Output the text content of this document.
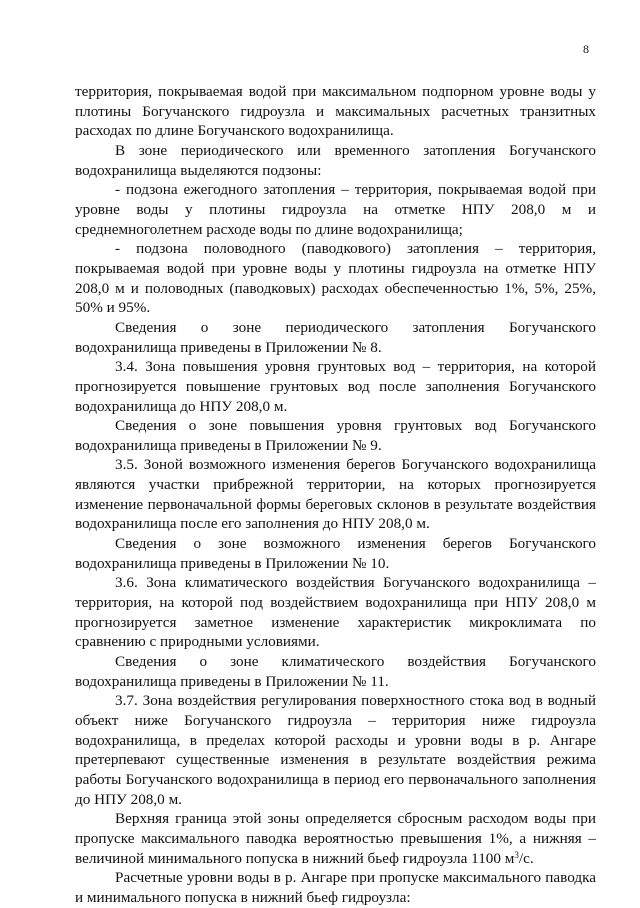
8

территория, покрываемая водой при максимальном подпорном уровне воды у плотины Богучанского гидроузла и максимальных расчетных транзитных расходах по длине Богучанского водохранилища.

В зоне периодического или временного затопления Богучанского водохранилища выделяются подзоны:

- подзона ежегодного затопления – территория, покрываемая водой при уровне воды у плотины гидроузла на отметке НПУ 208,0 м и среднемноголетнем расходе воды по длине водохранилища;

- подзона половодного (паводкового) затопления – территория, покрываемая водой при уровне воды у плотины гидроузла на отметке НПУ 208,0 м и половодных (паводковых) расходах обеспеченностью 1%, 5%, 25%, 50% и 95%.

Сведения о зоне периодического затопления Богучанского водохранилища приведены в Приложении № 8.

3.4. Зона повышения уровня грунтовых вод – территория, на которой прогнозируется повышение грунтовых вод после заполнения Богучанского водохранилища до НПУ 208,0 м.

Сведения о зоне повышения уровня грунтовых вод Богучанского водохранилища приведены в Приложении № 9.

3.5. Зоной возможного изменения берегов Богучанского водохранилища являются участки прибрежной территории, на которых прогнозируется изменение первоначальной формы береговых склонов в результате воздействия водохранилища после его заполнения до НПУ 208,0 м.

Сведения о зоне возможного изменения берегов Богучанского водохранилища приведены в Приложении № 10.

3.6. Зона климатического воздействия Богучанского водохранилища – территория, на которой под воздействием водохранилища при НПУ 208,0 м прогнозируется заметное изменение характеристик микроклимата по сравнению с природными условиями.

Сведения о зоне климатического воздействия Богучанского водохранилища приведены в Приложении № 11.

3.7. Зона воздействия регулирования поверхностного стока вод в водный объект ниже Богучанского гидроузла – территория ниже гидроузла водохранилища, в пределах которой расходы и уровни воды в р. Ангаре претерпевают существенные изменения в результате воздействия режима работы Богучанского водохранилища в период его первоначального заполнения до НПУ 208,0 м.

Верхняя граница этой зоны определяется сбросным расходом воды при пропуске максимального паводка вероятностью превышения 1%, а нижняя – величиной минимального попуска в нижний бьеф гидроузла 1100 $м^3/с$.

Расчетные уровни воды в р. Ангаре при пропуске максимального паводка и минимального попуска в нижний бьеф гидроузла:
